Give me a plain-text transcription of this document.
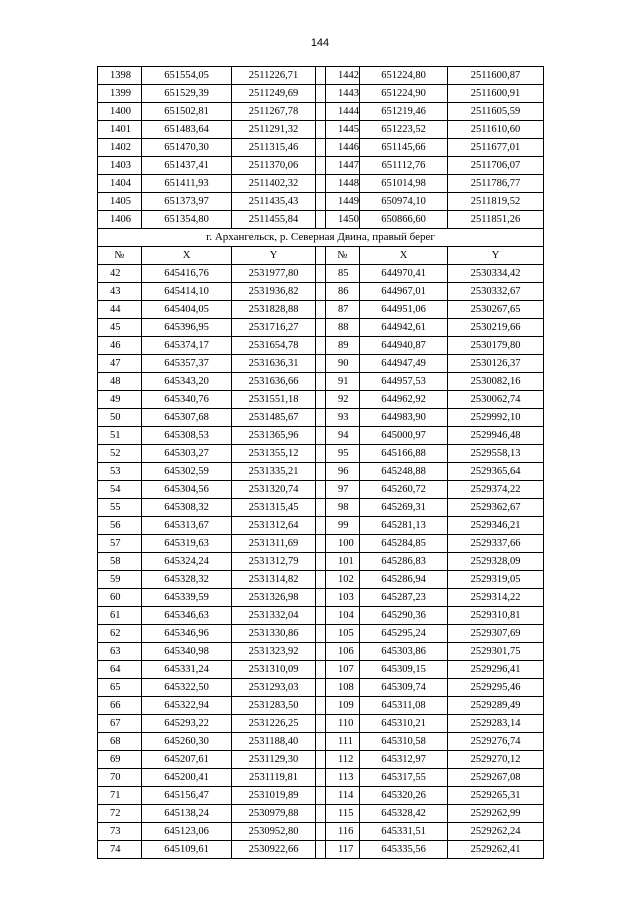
144
1398	651554,05	2511226,71		1442	651224,80	2511600,87
1399	651529,39	2511249,69		1443	651224,90	2511600,91
1400	651502,81	2511267,78		1444	651219,46	2511605,59
1401	651483,64	2511291,32		1445	651223,52	2511610,60
1402	651470,30	2511315,46		1446	651145,66	2511677,01
1403	651437,41	2511370,06		1447	651112,76	2511706,07
1404	651411,93	2511402,32		1448	651014,98	2511786,77
1405	651373,97	2511435,43		1449	650974,10	2511819,52
1406	651354,80	2511455,84		1450	650866,60	2511851,26
г. Архангельск, р. Северная Двина, правый берег						
№	X	Y		№	X	Y
42	645416,76	2531977,80		85	644970,41	2530334,42
43	645414,10	2531936,82		86	644967,01	2530332,67
44	645404,05	2531828,88		87	644951,06	2530267,65
45	645396,95	2531716,27		88	644942,61	2530219,66
46	645374,17	2531654,78		89	644940,87	2530179,80
47	645357,37	2531636,31		90	644947,49	2530126,37
48	645343,20	2531636,66		91	644957,53	2530082,16
49	645340,76	2531551,18		92	644962,92	2530062,74
50	645307,68	2531485,67		93	644983,90	2529992,10
51	645308,53	2531365,96		94	645000,97	2529946,48
52	645303,27	2531355,12		95	645166,88	2529558,13
53	645302,59	2531335,21		96	645248,88	2529365,64
54	645304,56	2531320,74		97	645260,72	2529374,22
55	645308,32	2531315,45		98	645269,31	2529362,67
56	645313,67	2531312,64		99	645281,13	2529346,21
57	645319,63	2531311,69		100	645284,85	2529337,66
58	645324,24	2531312,79		101	645286,83	2529328,09
59	645328,32	2531314,82		102	645286,94	2529319,05
60	645339,59	2531326,98		103	645287,23	2529314,22
61	645346,63	2531332,04		104	645290,36	2529310,81
62	645346,96	2531330,86		105	645295,24	2529307,69
63	645340,98	2531323,92		106	645303,86	2529301,75
64	645331,24	2531310,09		107	645309,15	2529296,41
65	645322,50	2531293,03		108	645309,74	2529295,46
66	645322,94	2531283,50		109	645311,08	2529289,49
67	645293,22	2531226,25		110	645310,21	2529283,14
68	645260,30	2531188,40		111	645310,58	2529276,74
69	645207,61	2531129,30		112	645312,97	2529270,12
70	645200,41	2531119,81		113	645317,55	2529267,08
71	645156,47	2531019,89		114	645320,26	2529265,31
72	645138,24	2530979,88		115	645328,42	2529262,99
73	645123,06	2530952,80		116	645331,51	2529262,24
74	645109,61	2530922,66		117	645335,56	2529262,41
